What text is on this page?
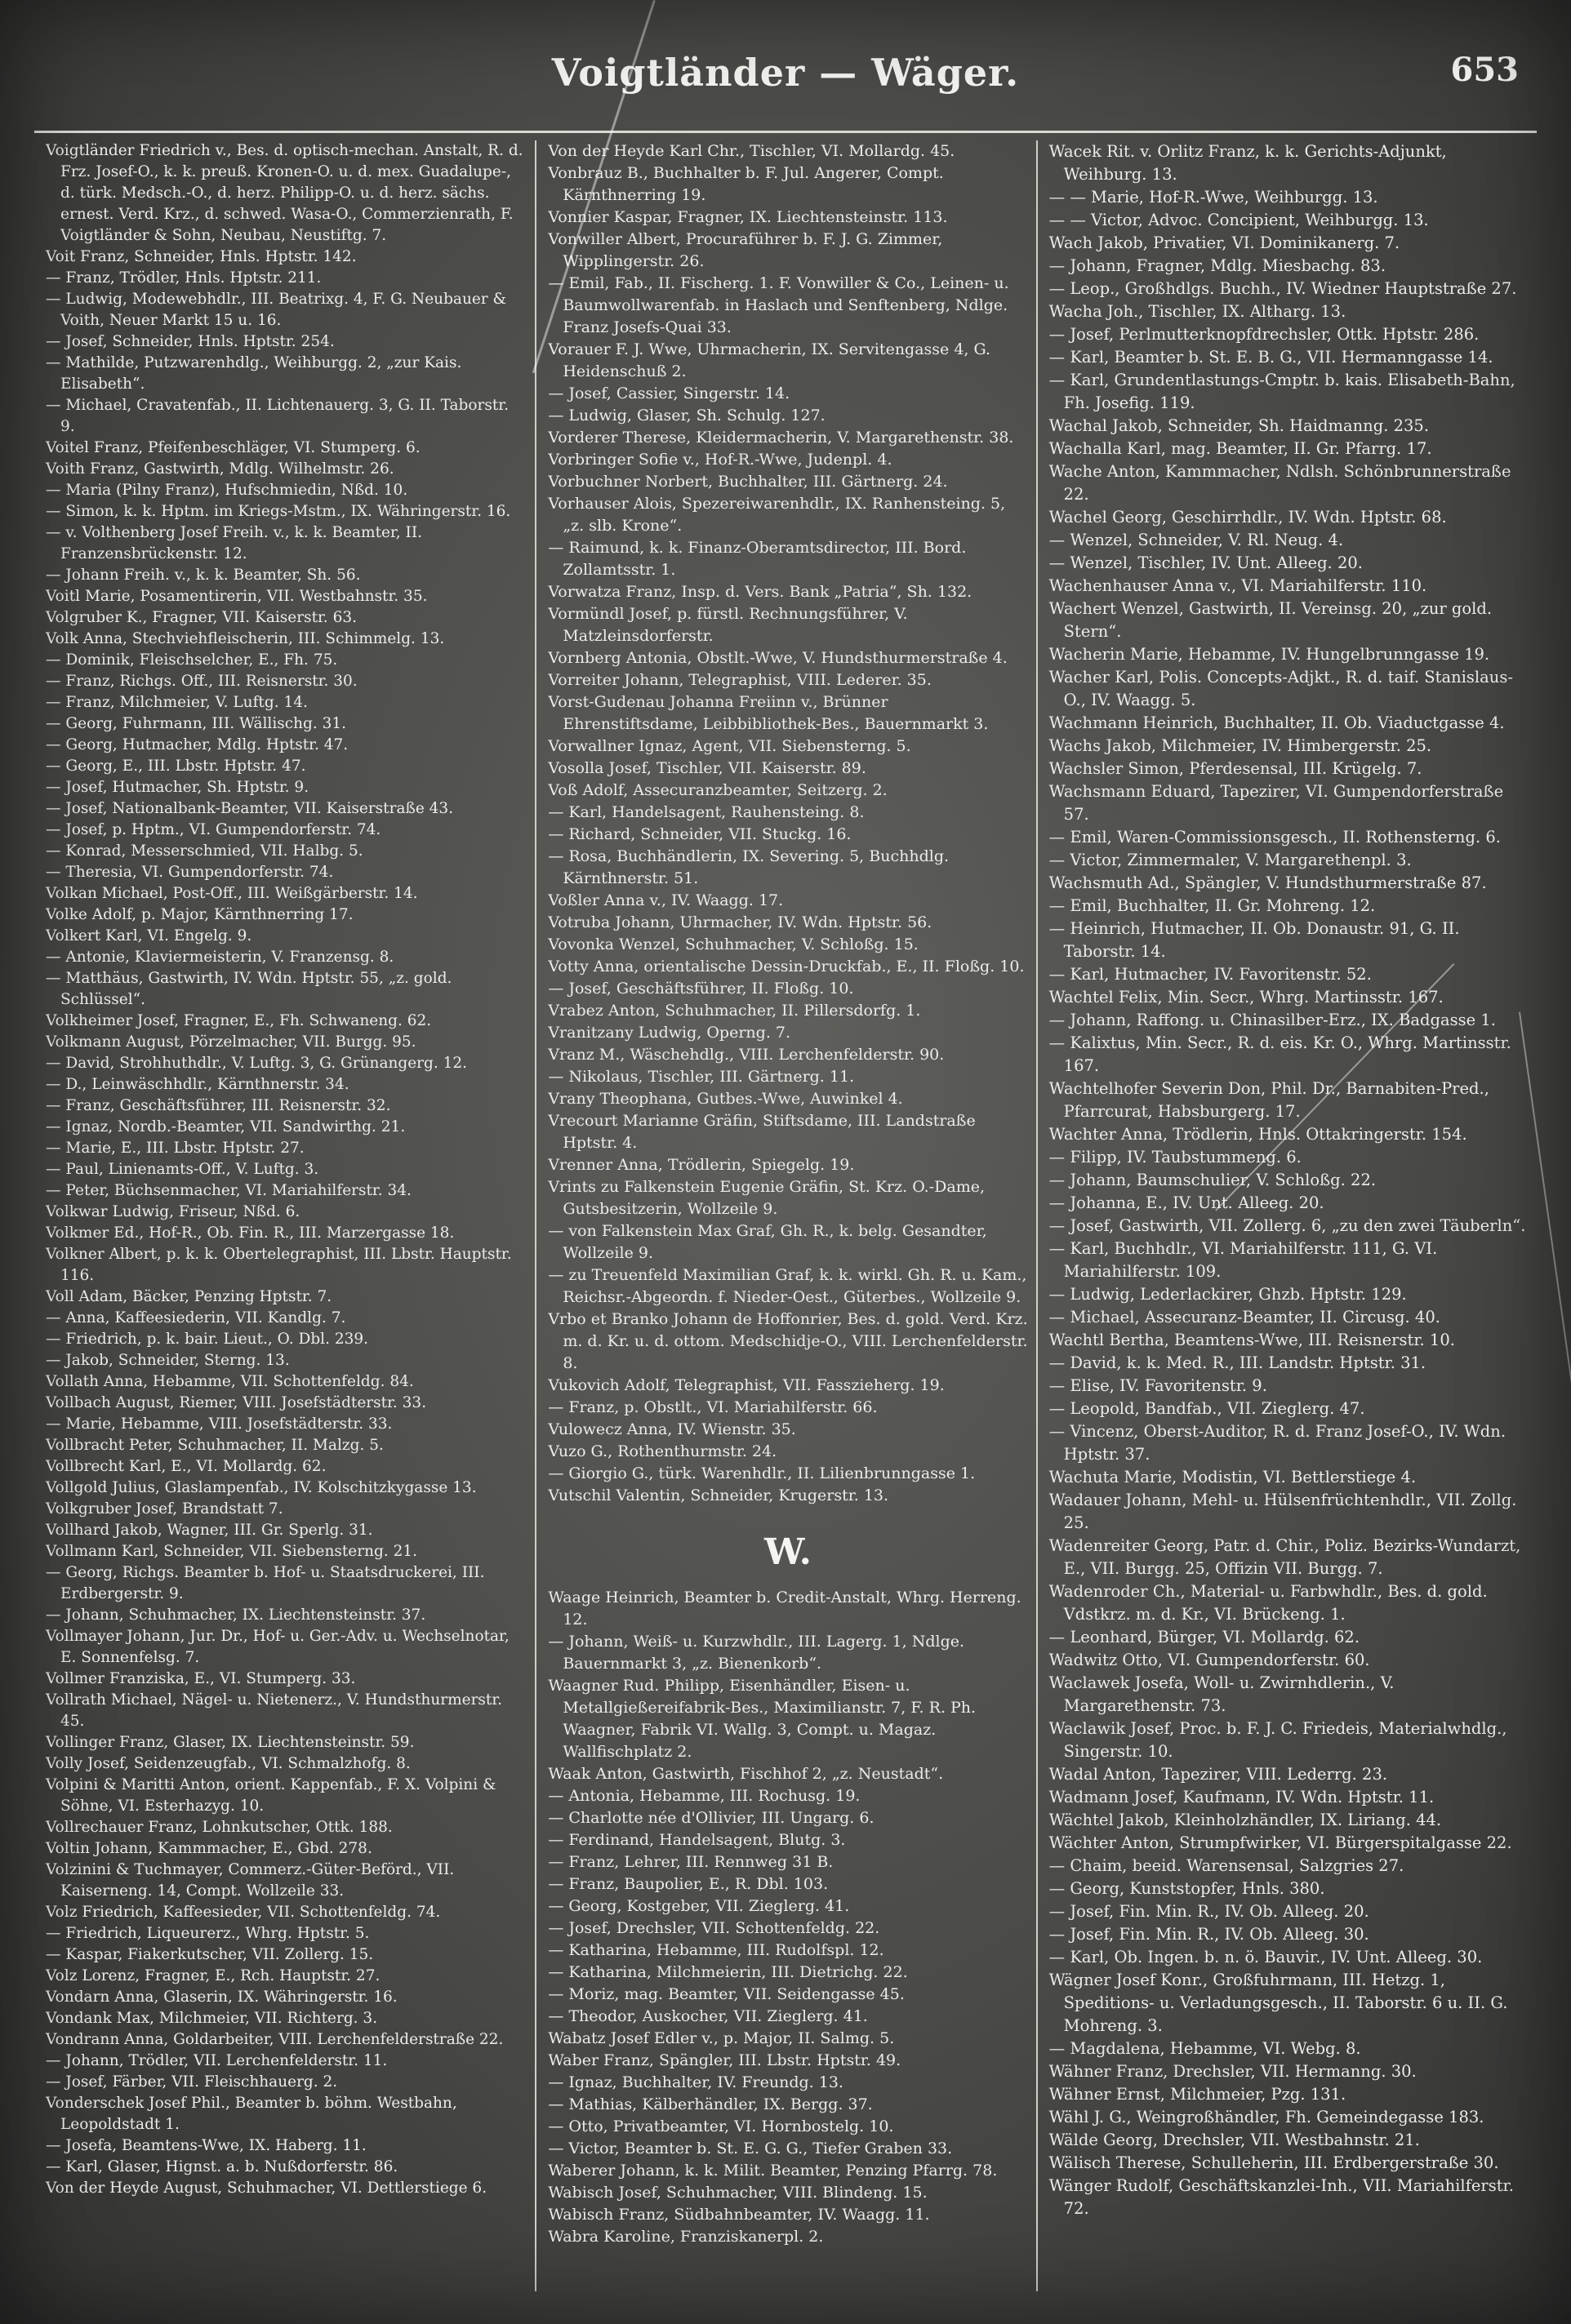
Voigtländer — Wäger.	653

Voigtländer Friedrich v., Bes. d. optisch-mechan. Anstalt, R. d. Frz. Josef-O., k. k. preuß. Kronen-O. u. d. mex. Guadalupe-, d. türk. Medsch.-O., d. herz. Philipp-O. u. d. herz. sächs. ernest. Verd. Krz., d. schwed. Wasa-O., Commerzienrath, F. Voigtländer & Sohn, Neubau, Neustiftg. 7.

Voit Franz, Schneider, Hnls. Hptstr. 142.

— Franz, Trödler, Hnls. Hptstr. 211.

— Ludwig, Modewebhdlr., III. Beatrixg. 4, F. G. Neubauer & Voith, Neuer Markt 15 u. 16.

— Josef, Schneider, Hnls. Hptstr. 254.

— Mathilde, Putzwarenhdlg., Weihburgg. 2, „zur Kais. Elisabeth“.

— Michael, Cravatenfab., II. Lichtenauerg. 3, G. II. Taborstr. 9.

Voitel Franz, Pfeifenbeschläger, VI. Stumperg. 6.

Voith Franz, Gastwirth, Mdlg. Wilhelmstr. 26.

— Maria (Pilny Franz), Hufschmiedin, Nßd. 10.

— Simon, k. k. Hptm. im Kriegs-Mstm., IX. Währingerstr. 16.

— v. Volthenberg Josef Freih. v., k. k. Beamter, II. Franzensbrückenstr. 12.

— Johann Freih. v., k. k. Beamter, Sh. 56.

Voitl Marie, Posamentirerin, VII. Westbahnstr. 35.

Volgruber K., Fragner, VII. Kaiserstr. 63.

Volk Anna, Stechviehfleischerin, III. Schimmelg. 13.

— Dominik, Fleischselcher, E., Fh. 75.

— Franz, Richgs. Off., III. Reisnerstr. 30.

— Franz, Milchmeier, V. Luftg. 14.

— Georg, Fuhrmann, III. Wällischg. 31.

— Georg, Hutmacher, Mdlg. Hptstr. 47.

— Georg, E., III. Lbstr. Hptstr. 47.

— Josef, Hutmacher, Sh. Hptstr. 9.

— Josef, Nationalbank-Beamter, VII. Kaiserstraße 43.

— Josef, p. Hptm., VI. Gumpendorferstr. 74.

— Konrad, Messerschmied, VII. Halbg. 5.

— Theresia, VI. Gumpendorferstr. 74.

Volkan Michael, Post-Off., III. Weißgärberstr. 14.

Volke Adolf, p. Major, Kärnthnerring 17.

Volkert Karl, VI. Engelg. 9.

— Antonie, Klaviermeisterin, V. Franzensg. 8.

— Matthäus, Gastwirth, IV. Wdn. Hptstr. 55, „z. gold. Schlüssel“.

Volkheimer Josef, Fragner, E., Fh. Schwaneng. 62.

Volkmann August, Pörzelmacher, VII. Burgg. 95.

— David, Strohhuthdlr., V. Luftg. 3, G. Grünangerg. 12.

— D., Leinwäschhdlr., Kärnthnerstr. 34.

— Franz, Geschäftsführer, III. Reisnerstr. 32.

— Ignaz, Nordb.-Beamter, VII. Sandwirthg. 21.

— Marie, E., III. Lbstr. Hptstr. 27.

— Paul, Linienamts-Off., V. Luftg. 3.

— Peter, Büchsenmacher, VI. Mariahilferstr. 34.

Volkwar Ludwig, Friseur, Nßd. 6.

Volkmer Ed., Hof-R., Ob. Fin. R., III. Marzergasse 18.

Volkner Albert, p. k. k. Obertelegraphist, III. Lbstr. Hauptstr. 116.

Voll Adam, Bäcker, Penzing Hptstr. 7.

— Anna, Kaffeesiederin, VII. Kandlg. 7.

— Friedrich, p. k. bair. Lieut., O. Dbl. 239.

— Jakob, Schneider, Sterng. 13.

Vollath Anna, Hebamme, VII. Schottenfeldg. 84.

Vollbach August, Riemer, VIII. Josefstädterstr. 33.

— Marie, Hebamme, VIII. Josefstädterstr. 33.

Vollbracht Peter, Schuhmacher, II. Malzg. 5.

Vollbrecht Karl, E., VI. Mollardg. 62.

Vollgold Julius, Glaslampenfab., IV. Kolschitzkygasse 13.

Volkgruber Josef, Brandstatt 7.

Vollhard Jakob, Wagner, III. Gr. Sperlg. 31.

Vollmann Karl, Schneider, VII. Siebensterng. 21.

— Georg, Richgs. Beamter b. Hof- u. Staatsdruckerei, III. Erdbergerstr. 9.

— Johann, Schuhmacher, IX. Liechtensteinstr. 37.

Vollmayer Johann, Jur. Dr., Hof- u. Ger.-Adv. u. Wechselnotar, E. Sonnenfelsg. 7.

Vollmer Franziska, E., VI. Stumperg. 33.

Vollrath Michael, Nägel- u. Nietenerz., V. Hundsthurmerstr. 45.

Vollinger Franz, Glaser, IX. Liechtensteinstr. 59.

Volly Josef, Seidenzeugfab., VI. Schmalzhofg. 8.

Volpini & Maritti Anton, orient. Kappenfab., F. X. Volpini & Söhne, VI. Esterhazyg. 10.

Vollrechauer Franz, Lohnkutscher, Ottk. 188.

Voltin Johann, Kammmacher, E., Gbd. 278.

Volzinini & Tuchmayer, Commerz.-Güter-Beförd., VII. Kaiserneng. 14, Compt. Wollzeile 33.

Volz Friedrich, Kaffeesieder, VII. Schottenfeldg. 74.

— Friedrich, Liqueurerz., Whrg. Hptstr. 5.

— Kaspar, Fiakerkutscher, VII. Zollerg. 15.

Volz Lorenz, Fragner, E., Rch. Hauptstr. 27.

Vondarn Anna, Glaserin, IX. Währingerstr. 16.

Vondank Max, Milchmeier, VII. Richterg. 3.

Vondrann Anna, Goldarbeiter, VIII. Lerchenfelderstraße 22.

— Johann, Trödler, VII. Lerchenfelderstr. 11.

— Josef, Färber, VII. Fleischhauerg. 2.

Vonderschek Josef Phil., Beamter b. böhm. Westbahn, Leopoldstadt 1.

— Josefa, Beamtens-Wwe, IX. Haberg. 11.

— Karl, Glaser, Hignst. a. b. Nußdorferstr. 86.

Von der Heyde August, Schuhmacher, VI. Dettlerstiege 6.

Von der Heyde Karl Chr., Tischler, VI. Mollardg. 45.

Vonbrauz B., Buchhalter b. F. Jul. Angerer, Compt. Kärnthnerring 19.

Vonnier Kaspar, Fragner, IX. Liechtensteinstr. 113.

Vonwiller Albert, Procuraführer b. F. J. G. Zimmer, Wipplingerstr. 26.

— Emil, Fab., II. Fischerg. 1. F. Vonwiller & Co., Leinen- u. Baumwollwarenfab. in Haslach und Senftenberg, Ndlge. Franz Josefs-Quai 33.

Vorauer F. J. Wwe, Uhrmacherin, IX. Servitengasse 4, G. Heidenschuß 2.

— Josef, Cassier, Singerstr. 14.

— Ludwig, Glaser, Sh. Schulg. 127.

Vorderer Therese, Kleidermacherin, V. Margarethenstr. 38.

Vorbringer Sofie v., Hof-R.-Wwe, Judenpl. 4.

Vorbuchner Norbert, Buchhalter, III. Gärtnerg. 24.

Vorhauser Alois, Spezereiwarenhdlr., IX. Ranhensteing. 5, „z. slb. Krone“.

— Raimund, k. k. Finanz-Oberamtsdirector, III. Bord. Zollamtsstr. 1.

Vorwatza Franz, Insp. d. Vers. Bank „Patria“, Sh. 132.

Vormündl Josef, p. fürstl. Rechnungsführer, V. Matzleinsdorferstr.

Vornberg Antonia, Obstlt.-Wwe, V. Hundsthurmerstraße 4.

Vorreiter Johann, Telegraphist, VIII. Lederer. 35.

Vorst-Gudenau Johanna Freiinn v., Brünner Ehrenstiftsdame, Leibbibliothek-Bes., Bauernmarkt 3.

Vorwallner Ignaz, Agent, VII. Siebensterng. 5.

Vosolla Josef, Tischler, VII. Kaiserstr. 89.

Voß Adolf, Assecuranzbeamter, Seitzerg. 2.

— Karl, Handelsagent, Rauhensteing. 8.

— Richard, Schneider, VII. Stuckg. 16.

— Rosa, Buchhändlerin, IX. Severing. 5, Buchhdlg. Kärnthnerstr. 51.

Voßler Anna v., IV. Waagg. 17.

Votruba Johann, Uhrmacher, IV. Wdn. Hptstr. 56.

Vovonka Wenzel, Schuhmacher, V. Schloßg. 15.

Votty Anna, orientalische Dessin-Druckfab., E., II. Floßg. 10.

— Josef, Geschäftsführer, II. Floßg. 10.

Vrabez Anton, Schuhmacher, II. Pillersdorfg. 1.

Vranitzany Ludwig, Operng. 7.

Vranz M., Wäschehdlg., VIII. Lerchenfelderstr. 90.

— Nikolaus, Tischler, III. Gärtnerg. 11.

Vrany Theophana, Gutbes.-Wwe, Auwinkel 4.

Vrecourt Marianne Gräfin, Stiftsdame, III. Landstraße Hptstr. 4.

Vrenner Anna, Trödlerin, Spiegelg. 19.

Vrints zu Falkenstein Eugenie Gräfin, St. Krz. O.-Dame, Gutsbesitzerin, Wollzeile 9.

— von Falkenstein Max Graf, Gh. R., k. belg. Gesandter, Wollzeile 9.

— zu Treuenfeld Maximilian Graf, k. k. wirkl. Gh. R. u. Kam., Reichsr.-Abgeordn. f. Nieder-Oest., Güterbes., Wollzeile 9.

Vrbo et Branko Johann de Hoffonrier, Bes. d. gold. Verd. Krz. m. d. Kr. u. d. ottom. Medschidje-O., VIII. Lerchenfelderstr. 8.

Vukovich Adolf, Telegraphist, VII. Fasszieherg. 19.

— Franz, p. Obstlt., VI. Mariahilferstr. 66.

Vulowecz Anna, IV. Wienstr. 35.

Vuzo G., Rothenthurmstr. 24.

— Giorgio G., türk. Warenhdlr., II. Lilienbrunngasse 1.

Vutschil Valentin, Schneider, Krugerstr. 13.

W.

Waage Heinrich, Beamter b. Credit-Anstalt, Whrg. Herreng. 12.

— Johann, Weiß- u. Kurzwhdlr., III. Lagerg. 1, Ndlge. Bauernmarkt 3, „z. Bienenkorb“.

Waagner Rud. Philipp, Eisenhändler, Eisen- u. Metallgießereifabrik-Bes., Maximilianstr. 7, F. R. Ph. Waagner, Fabrik VI. Wallg. 3, Compt. u. Magaz. Wallfischplatz 2.

Waak Anton, Gastwirth, Fischhof 2, „z. Neustadt“.

— Antonia, Hebamme, III. Rochusg. 19.

— Charlotte née d'Ollivier, III. Ungarg. 6.

— Ferdinand, Handelsagent, Blutg. 3.

— Franz, Lehrer, III. Rennweg 31 B.

— Franz, Baupolier, E., R. Dbl. 103.

— Georg, Kostgeber, VII. Zieglerg. 41.

— Josef, Drechsler, VII. Schottenfeldg. 22.

— Katharina, Hebamme, III. Rudolfspl. 12.

— Katharina, Milchmeierin, III. Dietrichg. 22.

— Moriz, mag. Beamter, VII. Seidengasse 45.

— Theodor, Auskocher, VII. Zieglerg. 41.

Wabatz Josef Edler v., p. Major, II. Salmg. 5.

Waber Franz, Spängler, III. Lbstr. Hptstr. 49.

— Ignaz, Buchhalter, IV. Freundg. 13.

— Mathias, Kälberhändler, IX. Bergg. 37.

— Otto, Privatbeamter, VI. Hornbostelg. 10.

— Victor, Beamter b. St. E. G. G., Tiefer Graben 33.

Waberer Johann, k. k. Milit. Beamter, Penzing Pfarrg. 78.

Wabisch Josef, Schuhmacher, VIII. Blindeng. 15.

Wabisch Franz, Südbahnbeamter, IV. Waagg. 11.

Wabra Karoline, Franziskanerpl. 2.

Wacek Rit. v. Orlitz Franz, k. k. Gerichts-Adjunkt, Weihburg. 13.

— — Marie, Hof-R.-Wwe, Weihburgg. 13.

— — Victor, Advoc. Concipient, Weihburgg. 13.

Wach Jakob, Privatier, VI. Dominikanerg. 7.

— Johann, Fragner, Mdlg. Miesbachg. 83.

— Leop., Großhdlgs. Buchh., IV. Wiedner Hauptstraße 27.

Wacha Joh., Tischler, IX. Altharg. 13.

— Josef, Perlmutterknopfdrechsler, Ottk. Hptstr. 286.

— Karl, Beamter b. St. E. B. G., VII. Hermanngasse 14.

— Karl, Grundentlastungs-Cmptr. b. kais. Elisabeth-Bahn, Fh. Josefig. 119.

Wachal Jakob, Schneider, Sh. Haidmanng. 235.

Wachalla Karl, mag. Beamter, II. Gr. Pfarrg. 17.

Wache Anton, Kammmacher, Ndlsh. Schönbrunnerstraße 22.

Wachel Georg, Geschirrhdlr., IV. Wdn. Hptstr. 68.

— Wenzel, Schneider, V. Rl. Neug. 4.

— Wenzel, Tischler, IV. Unt. Alleeg. 20.

Wachenhauser Anna v., VI. Mariahilferstr. 110.

Wachert Wenzel, Gastwirth, II. Vereinsg. 20, „zur gold. Stern“.

Wacherin Marie, Hebamme, IV. Hungelbrunngasse 19.

Wacher Karl, Polis. Concepts-Adjkt., R. d. taif. Stanislaus-O., IV. Waagg. 5.

Wachmann Heinrich, Buchhalter, II. Ob. Viaductgasse 4.

Wachs Jakob, Milchmeier, IV. Himbergerstr. 25.

Wachsler Simon, Pferdesensal, III. Krügelg. 7.

Wachsmann Eduard, Tapezirer, VI. Gumpendorferstraße 57.

— Emil, Waren-Commissionsgesch., II. Rothensterng. 6.

— Victor, Zimmermaler, V. Margarethenpl. 3.

Wachsmuth Ad., Spängler, V. Hundsthurmerstraße 87.

— Emil, Buchhalter, II. Gr. Mohreng. 12.

— Heinrich, Hutmacher, II. Ob. Donaustr. 91, G. II. Taborstr. 14.

— Karl, Hutmacher, IV. Favoritenstr. 52.

Wachtel Felix, Min. Secr., Whrg. Martinsstr. 167.

— Johann, Raffong. u. Chinasilber-Erz., IX. Badgasse 1.

— Kalixtus, Min. Secr., R. d. eis. Kr. O., Whrg. Martinsstr. 167.

Wachtelhofer Severin Don, Phil. Dr., Barnabiten-Pred., Pfarrcurat, Habsburgerg. 17.

Wachter Anna, Trödlerin, Hnls. Ottakringerstr. 154.

— Filipp, IV. Taubstummeng. 6.

— Johann, Baumschulier, V. Schloßg. 22.

— Johanna, E., IV. Unt. Alleeg. 20.

— Josef, Gastwirth, VII. Zollerg. 6, „zu den zwei Täuberln“.

— Karl, Buchhdlr., VI. Mariahilferstr. 111, G. VI. Mariahilferstr. 109.

— Ludwig, Lederlackirer, Ghzb. Hptstr. 129.

— Michael, Assecuranz-Beamter, II. Circusg. 40.

Wachtl Bertha, Beamtens-Wwe, III. Reisnerstr. 10.

— David, k. k. Med. R., III. Landstr. Hptstr. 31.

— Elise, IV. Favoritenstr. 9.

— Leopold, Bandfab., VII. Zieglerg. 47.

— Vincenz, Oberst-Auditor, R. d. Franz Josef-O., IV. Wdn. Hptstr. 37.

Wachuta Marie, Modistin, VI. Bettlerstiege 4.

Wadauer Johann, Mehl- u. Hülsenfrüchtenhdlr., VII. Zollg. 25.

Wadenreiter Georg, Patr. d. Chir., Poliz. Bezirks-Wundarzt, E., VII. Burgg. 25, Offizin VII. Burgg. 7.

Wadenroder Ch., Material- u. Farbwhdlr., Bes. d. gold. Vdstkrz. m. d. Kr., VI. Brückeng. 1.

— Leonhard, Bürger, VI. Mollardg. 62.

Wadwitz Otto, VI. Gumpendorferstr. 60.

Waclawek Josefa, Woll- u. Zwirnhdlerin., V. Margarethenstr. 73.

Waclawik Josef, Proc. b. F. J. C. Friedeis, Materialwhdlg., Singerstr. 10.

Wadal Anton, Tapezirer, VIII. Lederrg. 23.

Wadmann Josef, Kaufmann, IV. Wdn. Hptstr. 11.

Wächtel Jakob, Kleinholzhändler, IX. Liriang. 44.

Wächter Anton, Strumpfwirker, VI. Bürgerspitalgasse 22.

— Chaim, beeid. Warensensal, Salzgries 27.

— Georg, Kunststopfer, Hnls. 380.

— Josef, Fin. Min. R., IV. Ob. Alleeg. 20.

— Josef, Fin. Min. R., IV. Ob. Alleeg. 30.

— Karl, Ob. Ingen. b. n. ö. Bauvir., IV. Unt. Alleeg. 30.

Wägner Josef Konr., Großfuhrmann, III. Hetzg. 1, Speditions- u. Verladungsgesch., II. Taborstr. 6 u. II. G. Mohreng. 3.

— Magdalena, Hebamme, VI. Webg. 8.

Wähner Franz, Drechsler, VII. Hermanng. 30.

Wähner Ernst, Milchmeier, Pzg. 131.

Wähl J. G., Weingroßhändler, Fh. Gemeindegasse 183.

Wälde Georg, Drechsler, VII. Westbahnstr. 21.

Wälisch Therese, Schulleherin, III. Erdbergerstraße 30.

Wänger Rudolf, Geschäftskanzlei-Inh., VII. Mariahilferstr. 72.
